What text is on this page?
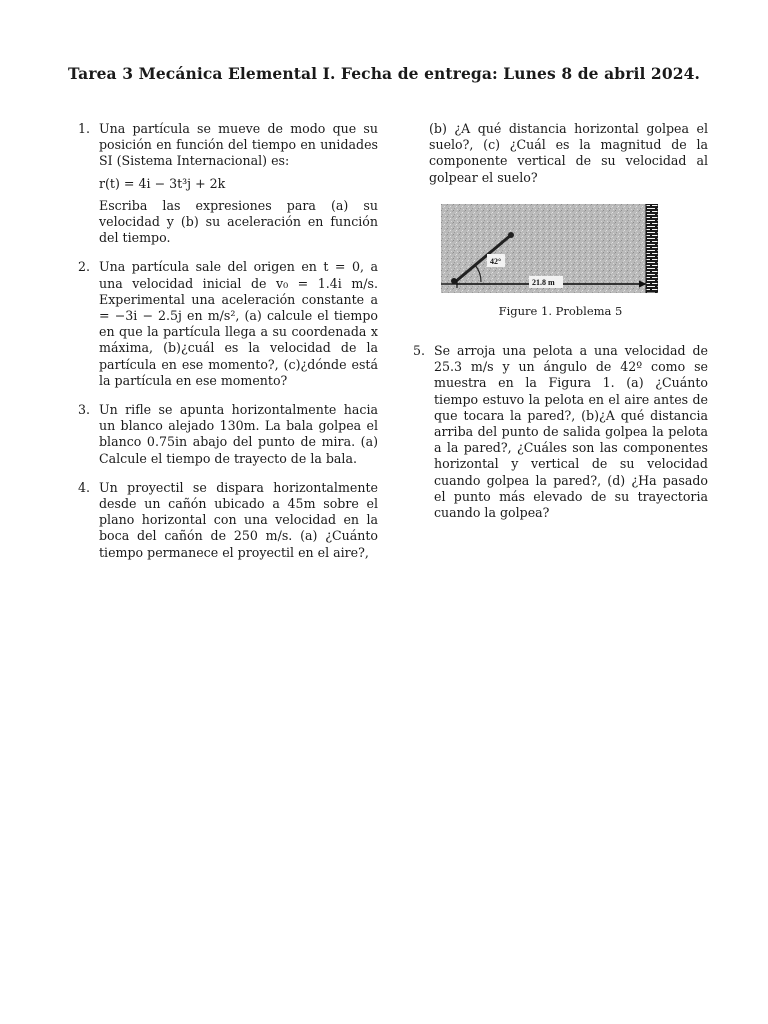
Tarea 3 Mecánica Elemental I. Fecha de entrega: Lunes 8 de abril 2024.
1. Una partícula se mueve de modo que su posición en función del tiempo en unidades SI (Sistema Internacional) es:

r(t) = 4i − 3t³j + 2k

Escriba las expresiones para (a) su velocidad y (b) su aceleración en función del tiempo.

2. Una partícula sale del origen en t = 0, a una velocidad inicial de v₀ = 1.4i m/s. Experimental una aceleración constante a = −3i − 2.5j en m/s², (a) calcule el tiempo en que la partícula llega a su coordenada x máxima, (b)¿cuál es la velocidad de la partícula en ese momento?, (c)¿dónde está la partícula en ese momento?

3. Un rifle se apunta horizontalmente hacia un blanco alejado 130m. La bala golpea el blanco 0.75in abajo del punto de mira. (a) Calcule el tiempo de trayecto de la bala.

4. Un proyectil se dispara horizontalmente desde un cañón ubicado a 45m sobre el plano horizontal con una velocidad en la boca del cañón de 250 m/s. (a) ¿Cuánto tiempo permanece el proyectil en el aire?,

(b) ¿A qué distancia horizontal golpea el suelo?, (c) ¿Cuál es la magnitud de la componente vertical de su velocidad al golpear el suelo?
42°
21.8 m
Figure 1. Problema 5
5. Se arroja una pelota a una velocidad de 25.3 m/s y un ángulo de 42º como se muestra en la Figura 1. (a) ¿Cuánto tiempo estuvo la pelota en el aire antes de que tocara la pared?, (b)¿A qué distancia arriba del punto de salida golpea la pelota a la pared?, ¿Cuáles son las componentes horizontal y vertical de su velocidad cuando golpea la pared?, (d) ¿Ha pasado el punto más elevado de su trayectoria cuando la golpea?
